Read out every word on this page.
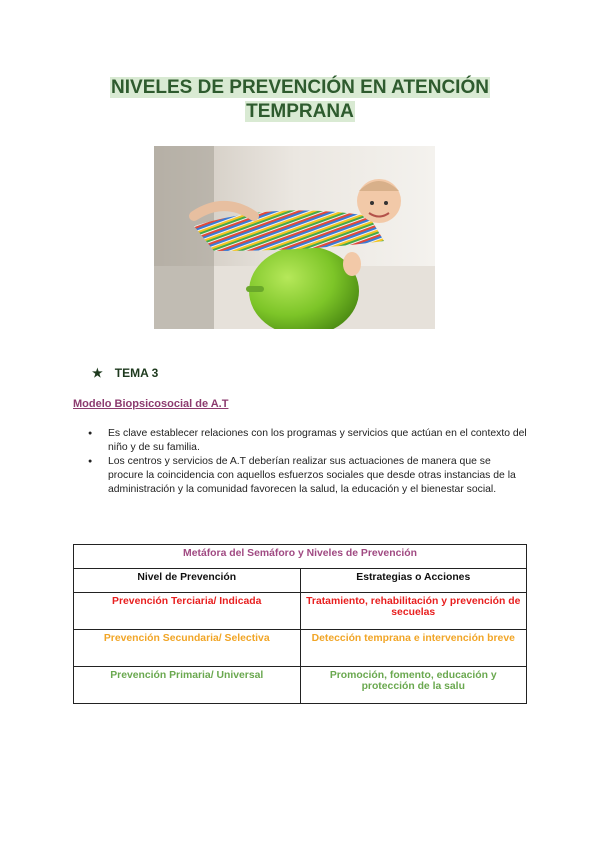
NIVELES DE PREVENCIÓN EN ATENCIÓN
TEMPRANA
★ TEMA 3
Modelo Biopsicosocial de A.T
● Es clave establecer relaciones con los programas y servicios que actúan en el contexto del niño y de su familia.
● Los centros y servicios de A.T deberían realizar sus actuaciones de manera que se procure la coincidencia con aquellos esfuerzos sociales que desde otras instancias de la administración y la comunidad favorecen la salud, la educación y el bienestar social.
Metáfora del Semáforo y Niveles de Prevención	
Nivel de Prevención	Estrategias o Acciones
Prevención Terciaria/ Indicada	Tratamiento, rehabilitación y prevención de secuelas
Prevención Secundaria/ Selectiva	Detección temprana e intervención breve
Prevención Primaria/ Universal	Promoción, fomento, educación y protección de la salu
